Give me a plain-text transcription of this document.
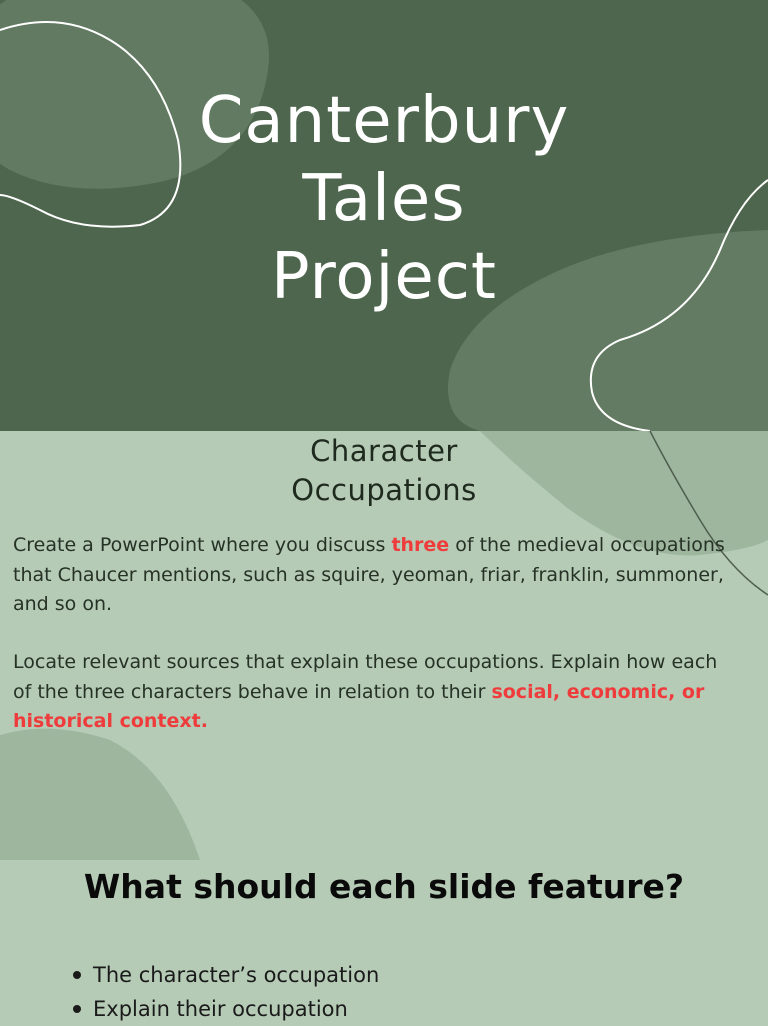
Canterbury
Tales
Project
Character
Occupations

Create a PowerPoint where you discuss three of the medieval occupations that Chaucer mentions, such as squire, yeoman, friar, franklin, summoner, and so on.

Locate relevant sources that explain these occupations. Explain how each of the three characters behave in relation to their social, economic, or historical context.

What should each slide feature?
The character’s occupation
Explain their occupation
